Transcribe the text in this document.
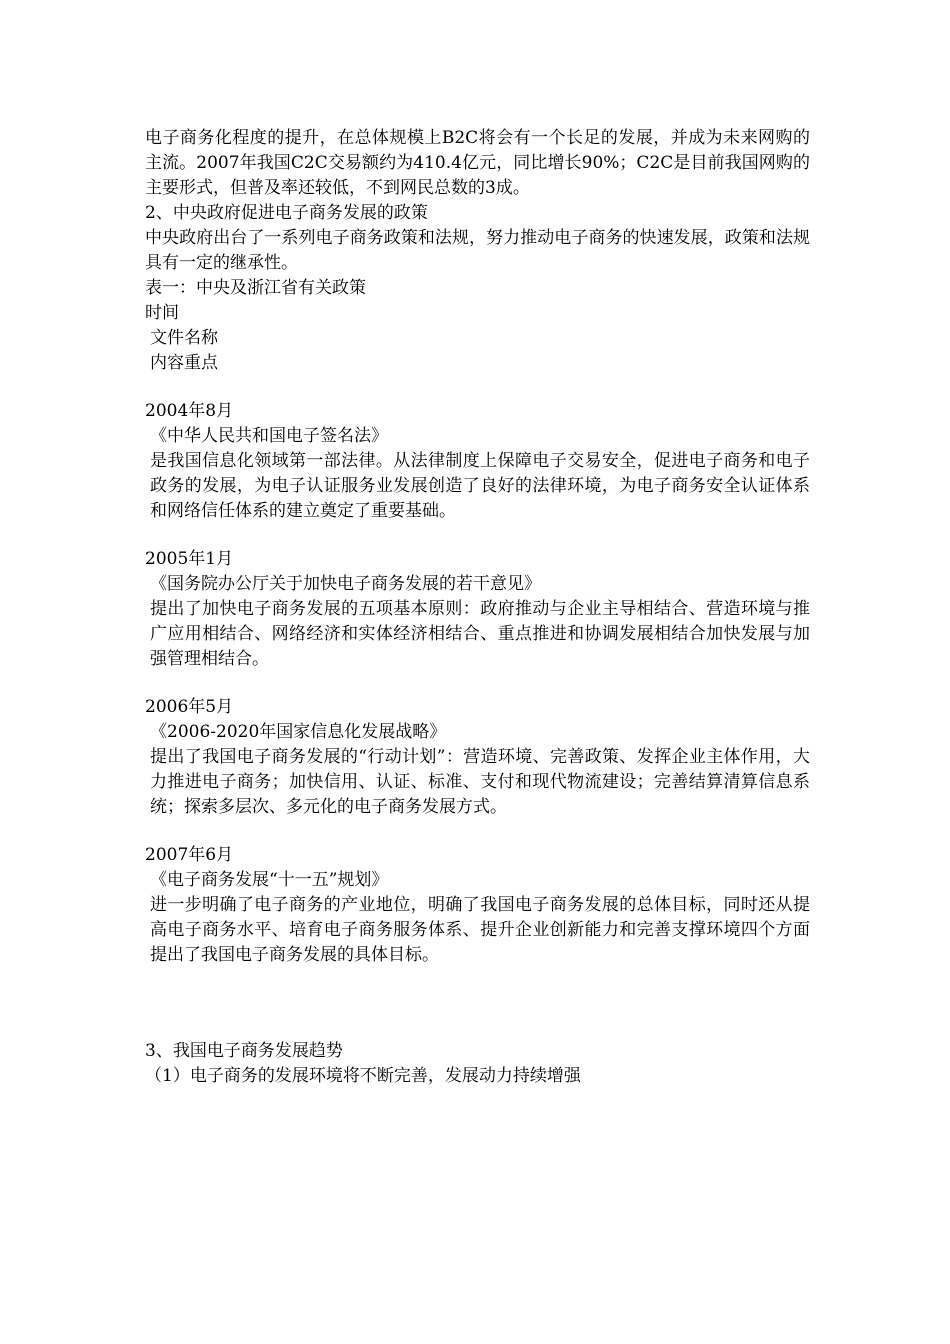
电子商务化程度的提升，在总体规模上B2C将会有一个长足的发展，并成为未来网购的主流。2007年我国C2C交易额约为410.4亿元，同比增长90%；C2C是目前我国网购的主要形式，但普及率还较低，不到网民总数的3成。

2、中央政府促进电子商务发展的政策

中央政府出台了一系列电子商务政策和法规，努力推动电子商务的快速发展，政策和法规具有一定的继承性。

表一：中央及浙江省有关政策

时间
文件名称
内容重点
2004年8月
《中华人民共和国电子签名法》
是我国信息化领域第一部法律。从法律制度上保障电子交易安全，促进电子商务和电子政务的发展，为电子认证服务业发展创造了良好的法律环境，为电子商务安全认证体系和网络信任体系的建立奠定了重要基础。
2005年1月
《国务院办公厅关于加快电子商务发展的若干意见》
提出了加快电子商务发展的五项基本原则：政府推动与企业主导相结合、营造环境与推广应用相结合、网络经济和实体经济相结合、重点推进和协调发展相结合加快发展与加强管理相结合。
2006年5月
《2006-2020年国家信息化发展战略》
提出了我国电子商务发展的“行动计划”：营造环境、完善政策、发挥企业主体作用，大力推进电子商务；加快信用、认证、标准、支付和现代物流建设；完善结算清算信息系统；探索多层次、多元化的电子商务发展方式。
2007年6月
《电子商务发展“十一五”规划》
进一步明确了电子商务的产业地位，明确了我国电子商务发展的总体目标，同时还从提高电子商务水平、培育电子商务服务体系、提升企业创新能力和完善支撑环境四个方面提出了我国电子商务发展的具体目标。

3、我国电子商务发展趋势

（1）电子商务的发展环境将不断完善，发展动力持续增强
